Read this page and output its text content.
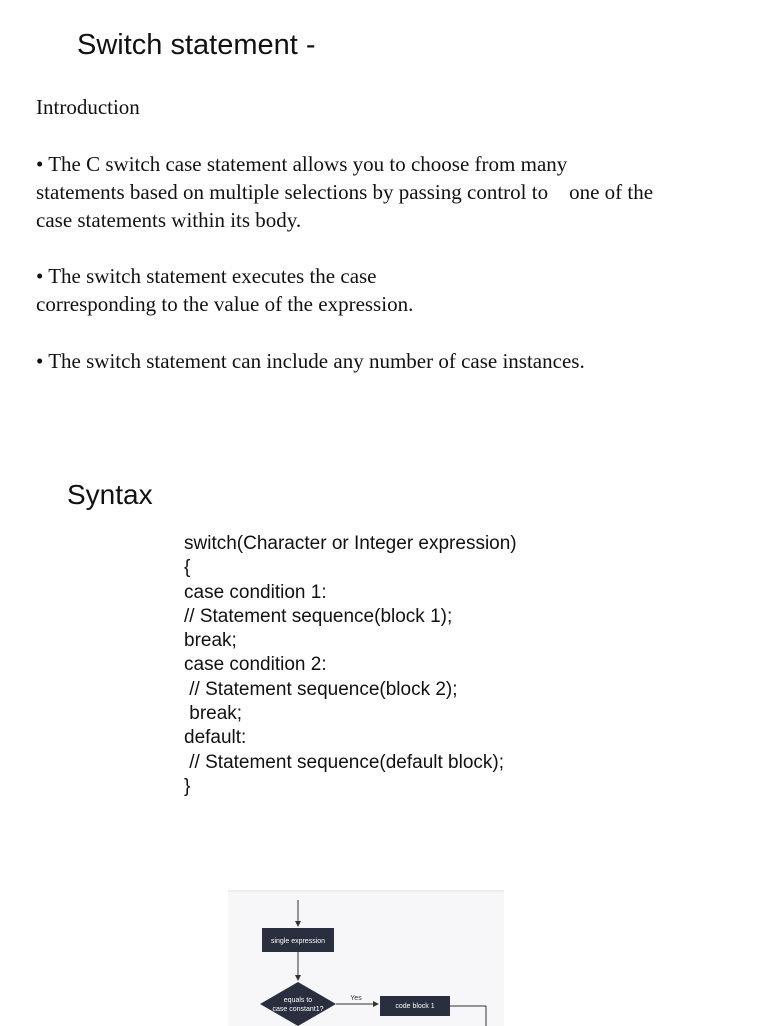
Switch statement -
Introduction
• The C switch case statement allows you to choose from many
statements based on multiple selections by passing control to    one of the
case statements within its body.
• The switch statement executes the case
corresponding to the value of the expression.
• The switch statement can include any number of case instances.
Syntax
switch(Character or Integer expression)
{
case condition 1:
// Statement sequence(block 1);
break;
case condition 2:
// Statement sequence(block 2);
break;
default:
// Statement sequence(default block);
}
single expression
equals to
case constant1?
Yes
code block 1
